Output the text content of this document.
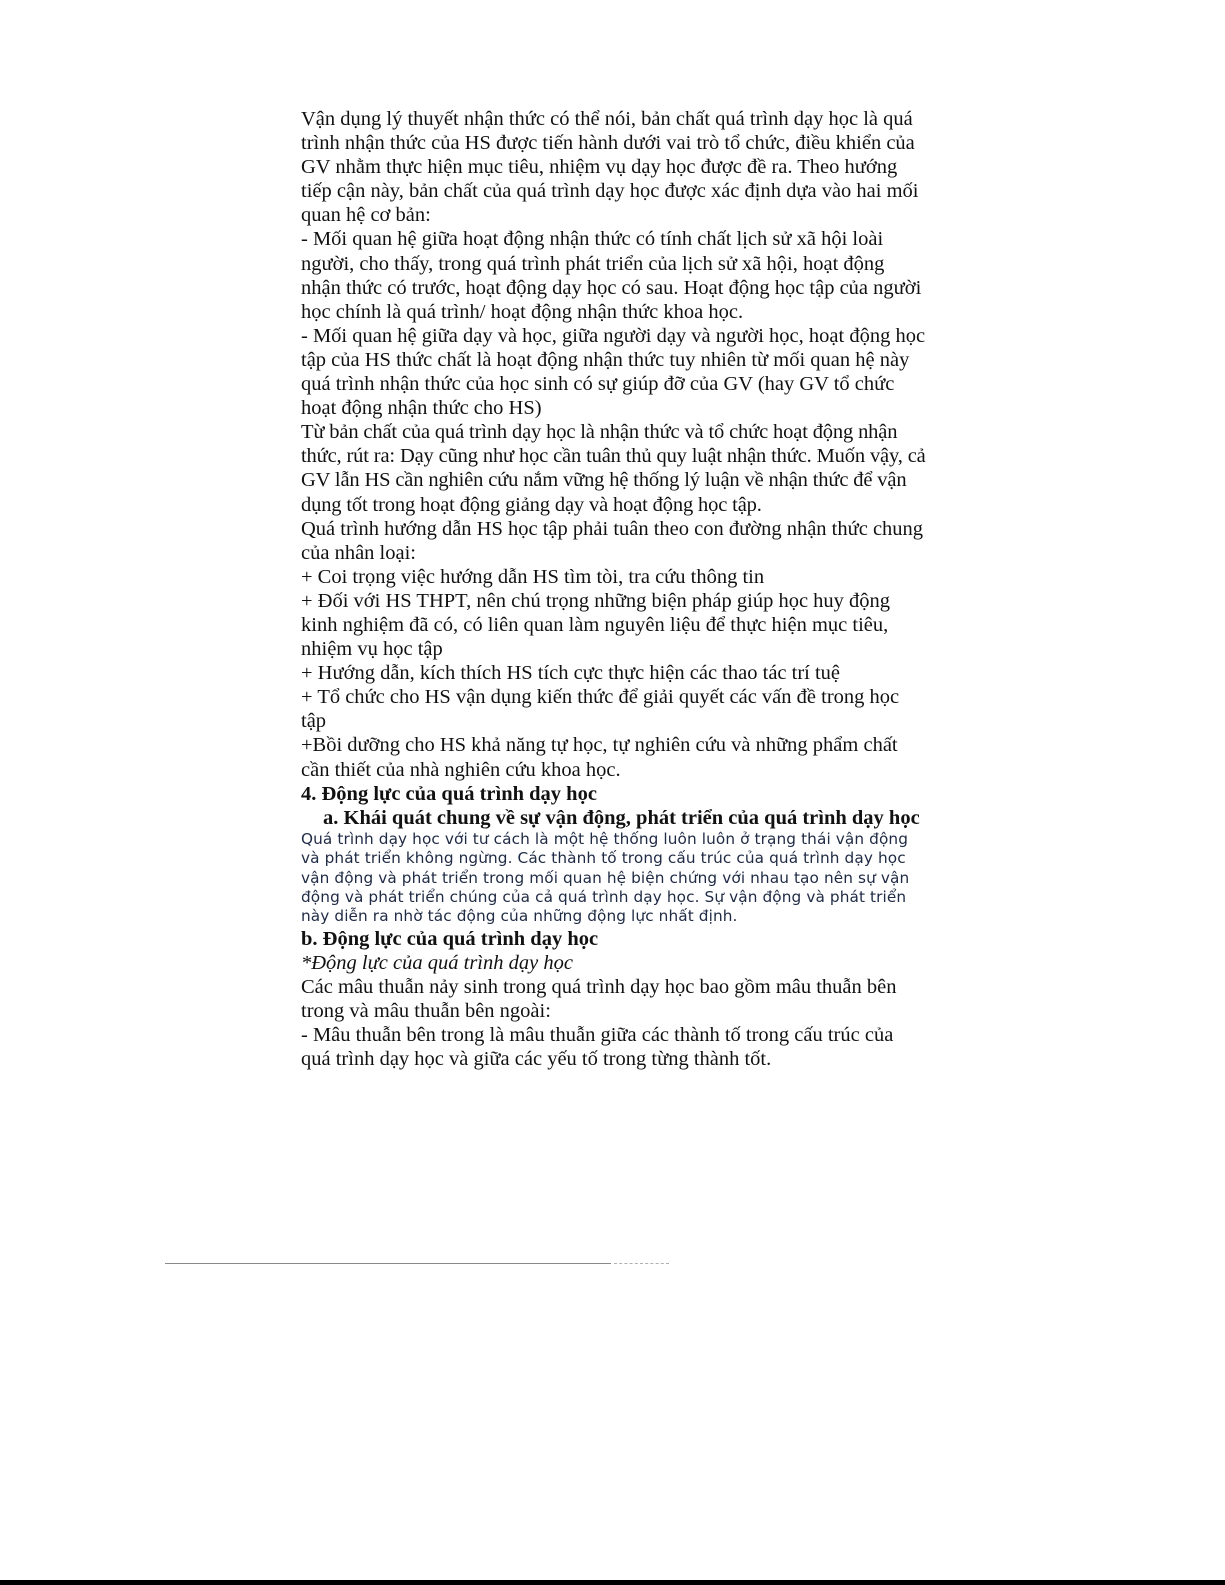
Vận dụng lý thuyết nhận thức có thể nói, bản chất quá trình dạy học là quá trình nhận thức của HS được tiến hành dưới vai trò tổ chức, điều khiển của GV nhằm thực hiện mục tiêu, nhiệm vụ dạy học được đề ra. Theo hướng tiếp cận này, bản chất của quá trình dạy học được xác định dựa vào hai mối quan hệ cơ bản:

- Mối quan hệ giữa hoạt động nhận thức có tính chất lịch sử xã hội loài người, cho thấy, trong quá trình phát triển của lịch sử xã hội, hoạt động nhận thức có trước, hoạt động dạy học có sau. Hoạt động học tập của người học chính là quá trình/ hoạt động nhận thức khoa học.

- Mối quan hệ giữa dạy và học, giữa người dạy và người học, hoạt động học tập của HS thức chất là hoạt động nhận thức tuy nhiên từ mối quan hệ này quá trình nhận thức của học sinh có sự giúp đỡ của GV (hay GV tổ chức hoạt động nhận thức cho HS)

Từ bản chất của quá trình dạy học là nhận thức và tổ chức hoạt động nhận thức, rút ra: Dạy cũng như học cần tuân thủ quy luật nhận thức. Muốn vậy, cả GV lẫn HS cần nghiên cứu nắm vững hệ thống lý luận về nhận thức để vận dụng tốt trong hoạt động giảng dạy và hoạt động học tập.

Quá trình hướng dẫn HS học tập phải tuân theo con đường nhận thức chung của nhân loại:

+ Coi trọng việc hướng dẫn HS tìm tòi, tra cứu thông tin

+ Đối với HS THPT, nên chú trọng những biện pháp giúp học huy động kinh nghiệm đã có, có liên quan làm nguyên liệu để thực hiện mục tiêu, nhiệm vụ học tập

+ Hướng dẫn, kích thích HS tích cực thực hiện các thao tác trí tuệ

+ Tổ chức cho HS vận dụng kiến thức để giải quyết các vấn đề trong học tập

+Bồi dưỡng cho HS khả năng tự học, tự nghiên cứu và những phẩm chất cần thiết của nhà nghiên cứu khoa học.

4. Động lực của quá trình dạy học

a. Khái quát chung về sự vận động, phát triển của quá trình dạy học

Quá trình dạy học với tư cách là một hệ thống luôn luôn ở trạng thái vận động và phát triển không ngừng. Các thành tố trong cấu trúc của quá trình dạy học vận động và phát triển trong mối quan hệ biện chứng với nhau tạo nên sự vận động và phát triển chúng của cả quá trình dạy học. Sự vận động và phát triển này diễn ra nhờ tác động của những động lực nhất định.

b. Động lực của quá trình dạy học

*Động lực của quá trình dạy học

Các mâu thuẫn nảy sinh trong quá trình dạy học bao gồm mâu thuẫn bên trong và mâu thuẫn bên ngoài:

- Mâu thuẫn bên trong là mâu thuẫn giữa các thành tố trong cấu trúc của quá trình dạy học và giữa các yếu tố trong từng thành tốt.
